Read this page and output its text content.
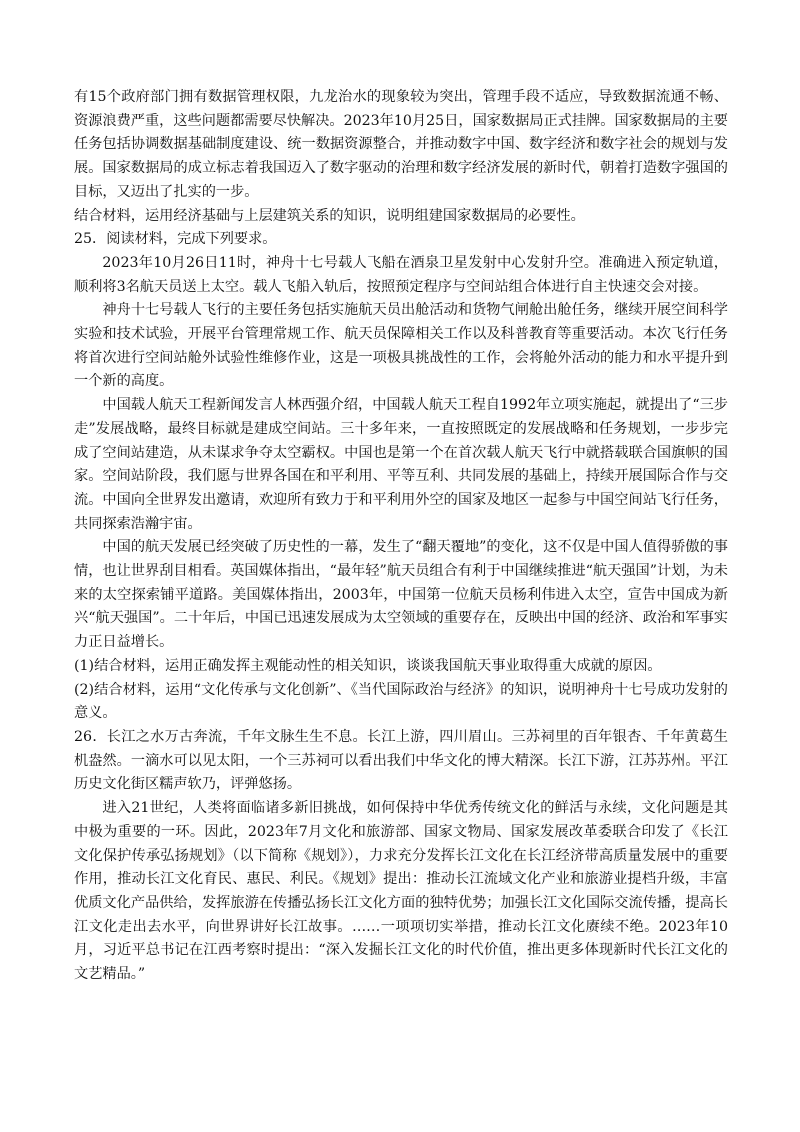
有15个政府部门拥有数据管理权限，九龙治水的现象较为突出，管理手段不适应，导致数据流通不畅、资源浪费严重，这些问题都需要尽快解决。2023年10月25日，国家数据局正式挂牌。国家数据局的主要任务包括协调数据基础制度建设、统一数据资源整合，并推动数字中国、数字经济和数字社会的规划与发展。国家数据局的成立标志着我国迈入了数字驱动的治理和数字经济发展的新时代，朝着打造数字强国的目标，又迈出了扎实的一步。

结合材料，运用经济基础与上层建筑关系的知识，说明组建国家数据局的必要性。

25．阅读材料，完成下列要求。

2023年10月26日11时，神舟十七号载人飞船在酒泉卫星发射中心发射升空。准确进入预定轨道，顺利将3名航天员送上太空。载人飞船入轨后，按照预定程序与空间站组合体进行自主快速交会对接。

神舟十七号载人飞行的主要任务包括实施航天员出舱活动和货物气闸舱出舱任务，继续开展空间科学实验和技术试验，开展平台管理常规工作、航天员保障相关工作以及科普教育等重要活动。本次飞行任务将首次进行空间站舱外试验性维修作业，这是一项极具挑战性的工作，会将舱外活动的能力和水平提升到一个新的高度。

中国载人航天工程新闻发言人林西强介绍，中国载人航天工程自1992年立项实施起，就提出了“三步走”发展战略，最终目标就是建成空间站。三十多年来，一直按照既定的发展战略和任务规划，一步步完成了空间站建造，从未谋求争夺太空霸权。中国也是第一个在首次载人航天飞行中就搭载联合国旗帜的国家。空间站阶段，我们愿与世界各国在和平利用、平等互利、共同发展的基础上，持续开展国际合作与交流。中国向全世界发出邀请，欢迎所有致力于和平利用外空的国家及地区一起参与中国空间站飞行任务，共同探索浩瀚宇宙。

中国的航天发展已经突破了历史性的一幕，发生了“翻天覆地”的变化，这不仅是中国人值得骄傲的事情，也让世界刮目相看。英国媒体指出，“最年轻”航天员组合有利于中国继续推进“航天强国”计划，为未来的太空探索铺平道路。美国媒体指出，2003年，中国第一位航天员杨利伟进入太空，宣告中国成为新兴“航天强国”。二十年后，中国已迅速发展成为太空领域的重要存在，反映出中国的经济、政治和军事实力正日益增长。

(1)结合材料，运用正确发挥主观能动性的相关知识，谈谈我国航天事业取得重大成就的原因。

(2)结合材料，运用“文化传承与文化创新”、《当代国际政治与经济》的知识，说明神舟十七号成功发射的意义。

26．长江之水万古奔流，千年文脉生生不息。长江上游，四川眉山。三苏祠里的百年银杏、千年黄葛生机盎然。一滴水可以见太阳，一个三苏祠可以看出我们中华文化的博大精深。长江下游，江苏苏州。平江历史文化街区糯声软乃，评弹悠扬。

进入21世纪，人类将面临诸多新旧挑战，如何保持中华优秀传统文化的鲜活与永续，文化问题是其中极为重要的一环。因此，2023年7月文化和旅游部、国家文物局、国家发展改革委联合印发了《长江文化保护传承弘扬规划》（以下简称《规划》），力求充分发挥长江文化在长江经济带高质量发展中的重要作用，推动长江文化育民、惠民、利民。《规划》提出：推动长江流域文化产业和旅游业提档升级，丰富优质文化产品供给，发挥旅游在传播弘扬长江文化方面的独特优势；加强长江文化国际交流传播，提高长江文化走出去水平，向世界讲好长江故事。……一项项切实举措，推动长江文化赓续不绝。2023年10月，习近平总书记在江西考察时提出：“深入发掘长江文化的时代价值，推出更多体现新时代长江文化的文艺精品。”
